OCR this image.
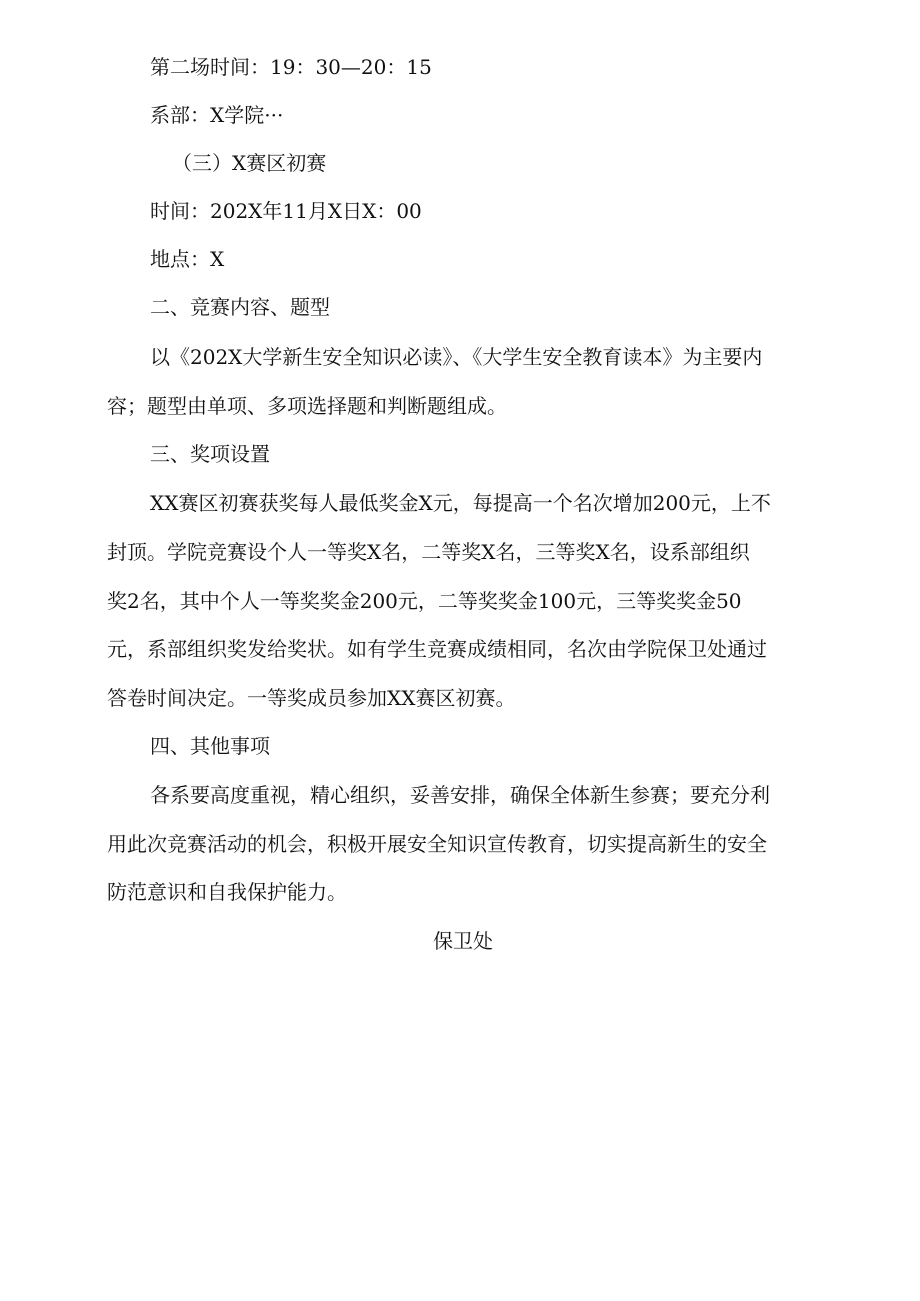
第二场时间：19：30—20：15
系部：X学院···
（三）X赛区初赛
时间：202X年11月X日X：00
地点：X
二、竞赛内容、题型
以《202X大学新生安全知识必读》、《大学生安全教育读本》为主要内
容；题型由单项、多项选择题和判断题组成。
三、奖项设置
XX赛区初赛获奖每人最低奖金X元，每提高一个名次增加200元，上不
封顶。学院竞赛设个人一等奖X名，二等奖X名，三等奖X名，设系部组织
奖2名，其中个人一等奖奖金200元，二等奖奖金100元，三等奖奖金50
元，系部组织奖发给奖状。如有学生竞赛成绩相同，名次由学院保卫处通过
答卷时间决定。一等奖成员参加XX赛区初赛。
四、其他事项
各系要高度重视，精心组织，妥善安排，确保全体新生参赛；要充分利
用此次竞赛活动的机会，积极开展安全知识宣传教育，切实提高新生的安全
防范意识和自我保护能力。
保卫处
